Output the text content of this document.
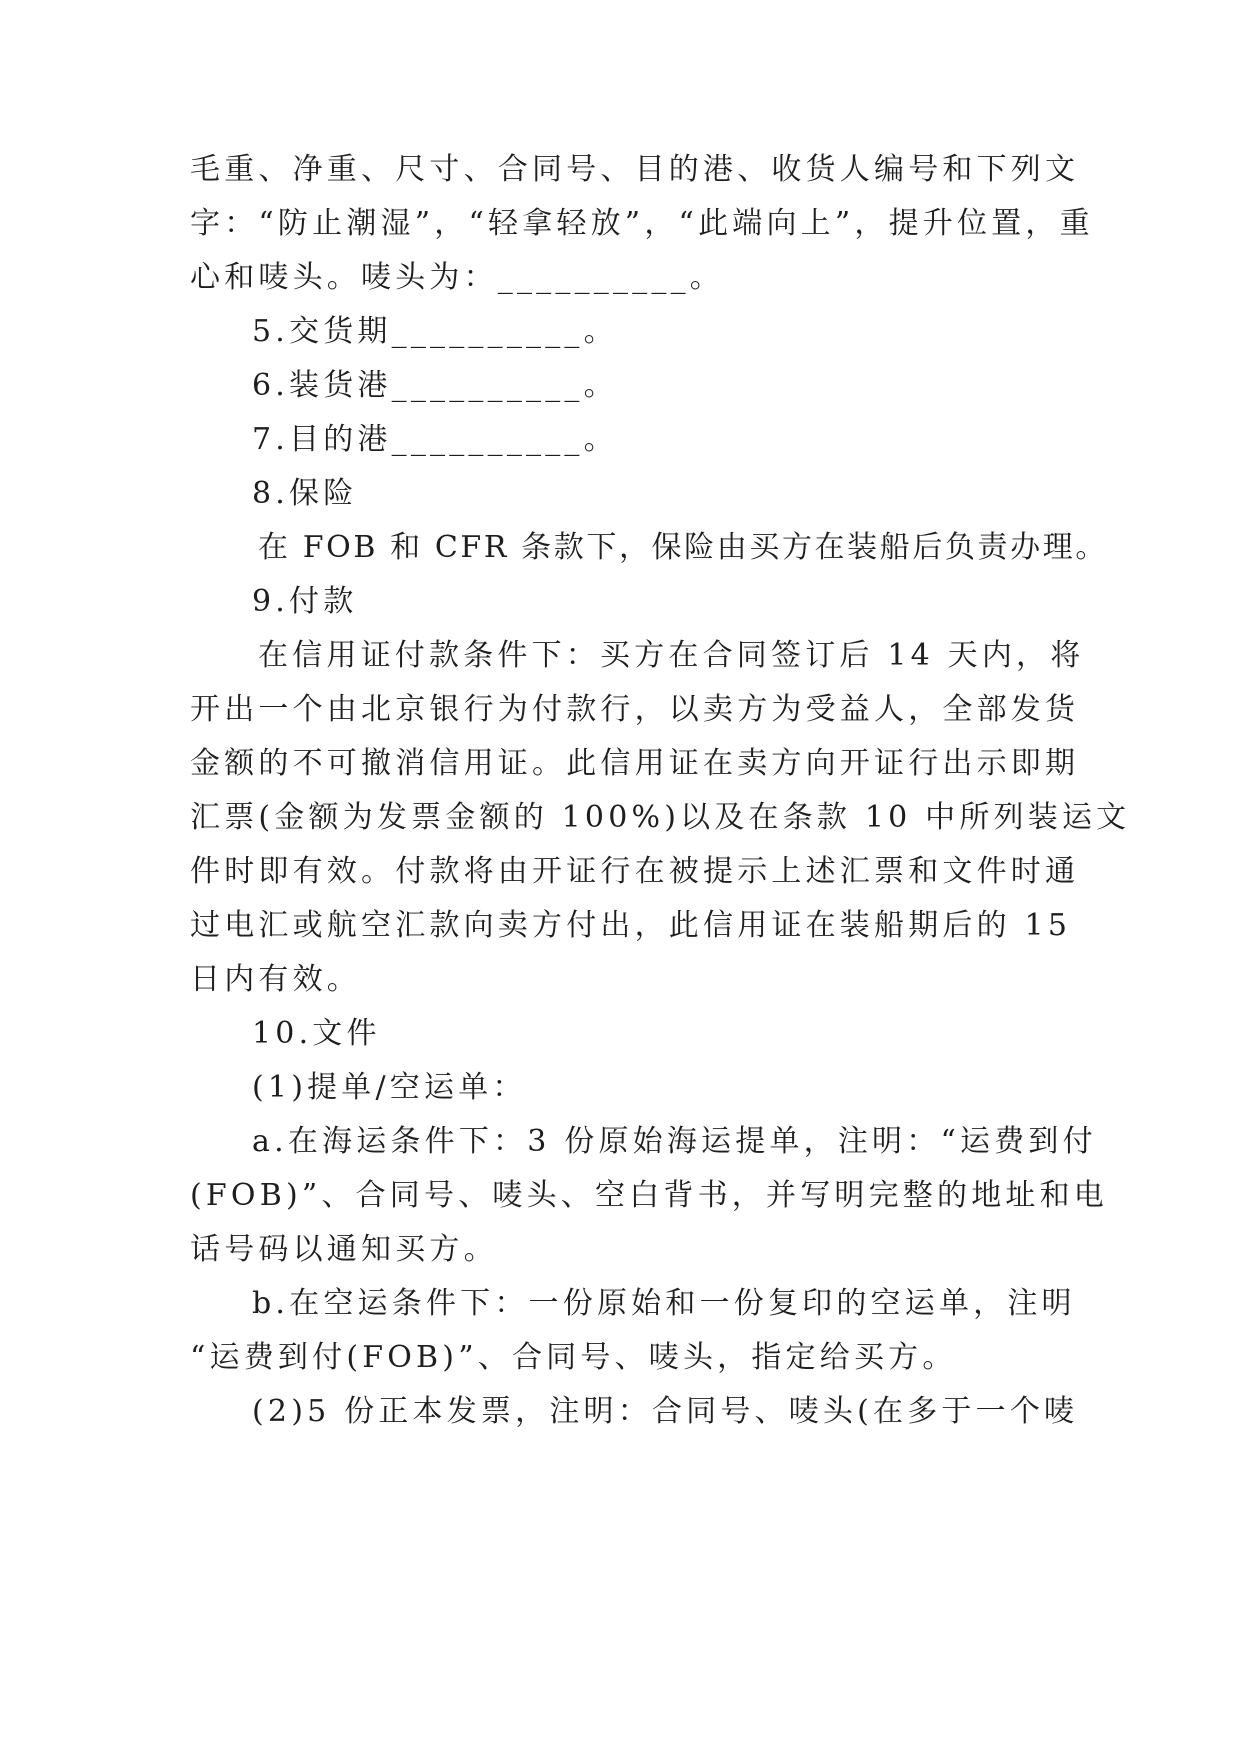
毛重、净重、尺寸、合同号、目的港、收货人编号和下列文
字：“防止潮湿”，“轻拿轻放”，“此端向上”，提升位置，重
心和唛头。唛头为：__________。
5.交货期__________。
6.装货港__________。
7.目的港__________。
8.保险
在 FOB 和 CFR 条款下，保险由买方在装船后负责办理。
9.付款
在信用证付款条件下：买方在合同签订后 14 天内，将
开出一个由北京银行为付款行，以卖方为受益人，全部发货
金额的不可撤消信用证。此信用证在卖方向开证行出示即期
汇票(金额为发票金额的 100%)以及在条款 10 中所列装运文
件时即有效。付款将由开证行在被提示上述汇票和文件时通
过电汇或航空汇款向卖方付出，此信用证在装船期后的 15
日内有效。
10.文件
(1)提单/空运单：
a.在海运条件下：3 份原始海运提单，注明：“运费到付
(FOB)”、合同号、唛头、空白背书，并写明完整的地址和电
话号码以通知买方。
b.在空运条件下：一份原始和一份复印的空运单，注明
“运费到付(FOB)”、合同号、唛头，指定给买方。
(2)5 份正本发票，注明：合同号、唛头(在多于一个唛
